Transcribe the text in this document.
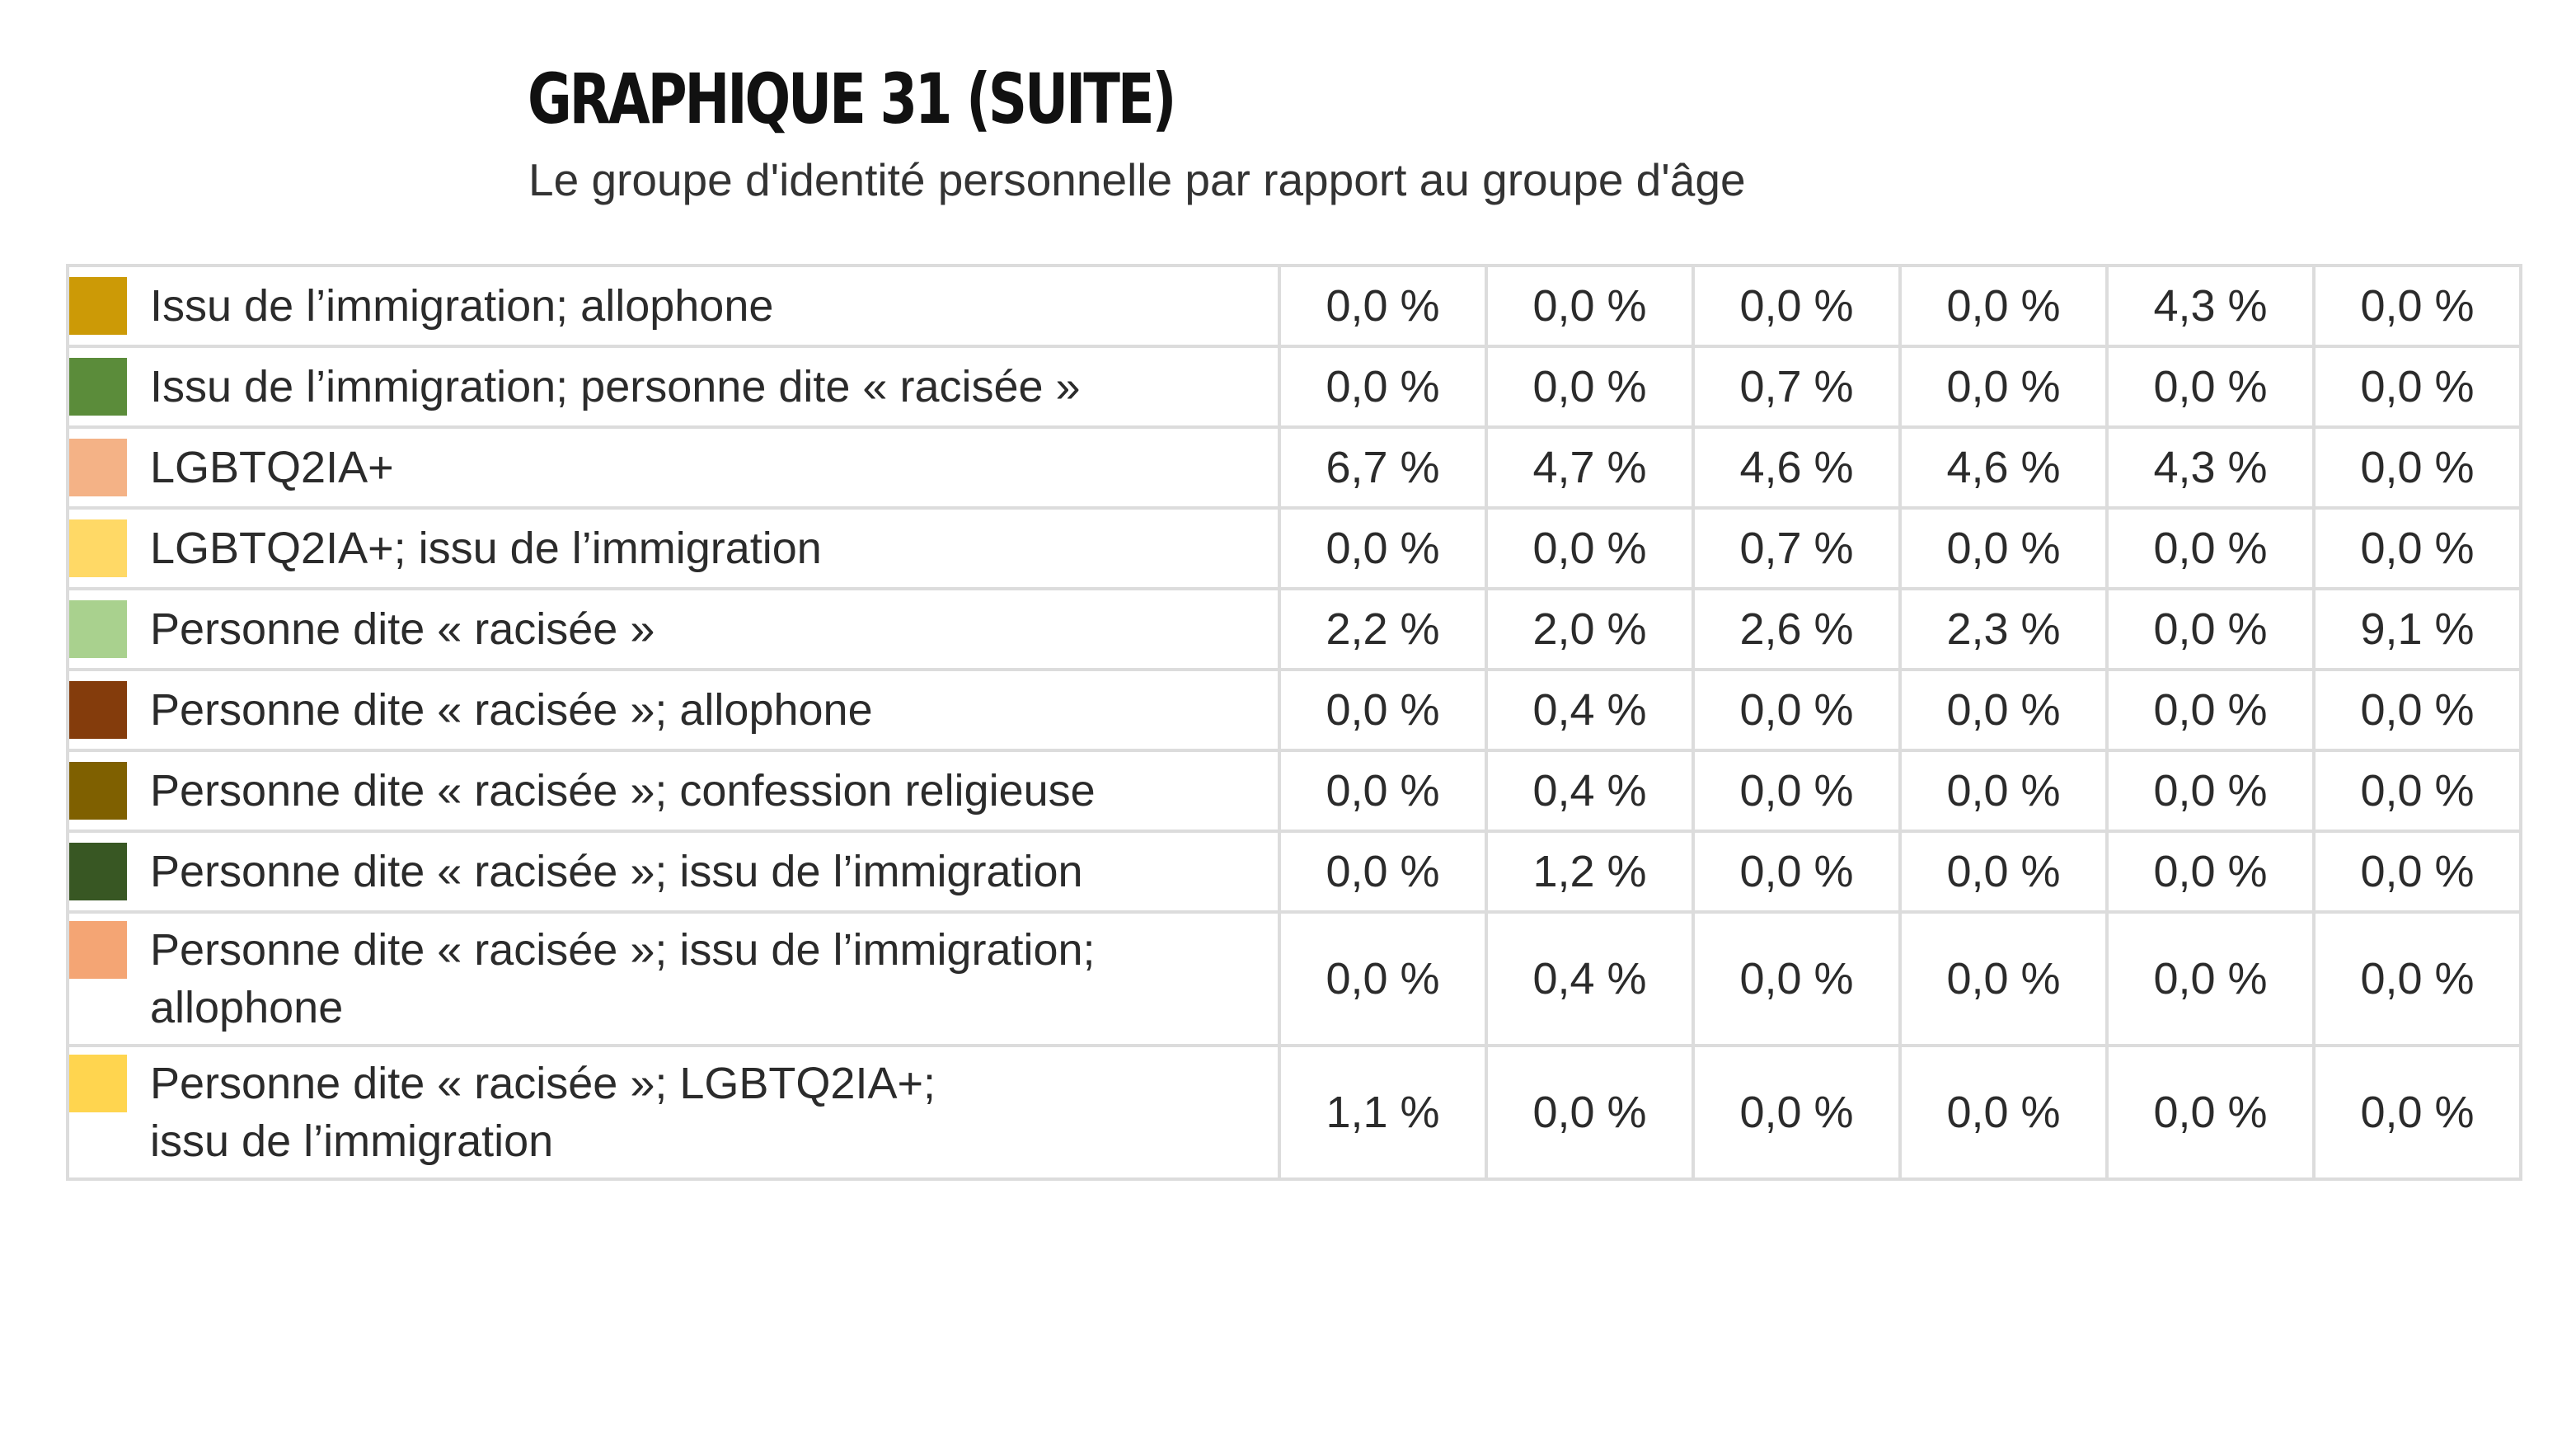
GRAPHIQUE 31 (SUITE)
Le groupe d'identité personnelle par rapport au groupe d'âge
Issu de l’immigration; allophone	0,0 %	0,0 %	0,0 %	0,0 %	4,3 %	0,0 %

Issu de l’immigration; personne dite « racisée »	0,0 %	0,0 %	0,7 %	0,0 %	0,0 %	0,0 %

LGBTQ2IA+	6,7 %	4,7 %	4,6 %	4,6 %	4,3 %	0,0 %

LGBTQ2IA+; issu de l’immigration	0,0 %	0,0 %	0,7 %	0,0 %	0,0 %	0,0 %

Personne dite « racisée »	2,2 %	2,0 %	2,6 %	2,3 %	0,0 %	9,1 %

Personne dite « racisée »; allophone	0,0 %	0,4 %	0,0 %	0,0 %	0,0 %	0,0 %

Personne dite « racisée »; confession religieuse	0,0 %	0,4 %	0,0 %	0,0 %	0,0 %	0,0 %

Personne dite « racisée »; issu de l’immigration	0,0 %	1,2 %	0,0 %	0,0 %	0,0 %	0,0 %

Personne dite « racisée »; issu de l’immigration;
allophone	0,0 %	0,4 %	0,0 %	0,0 %	0,0 %	0,0 %

Personne dite « racisée »; LGBTQ2IA+;
issu de l’immigration	1,1 %	0,0 %	0,0 %	0,0 %	0,0 %	0,0 %
